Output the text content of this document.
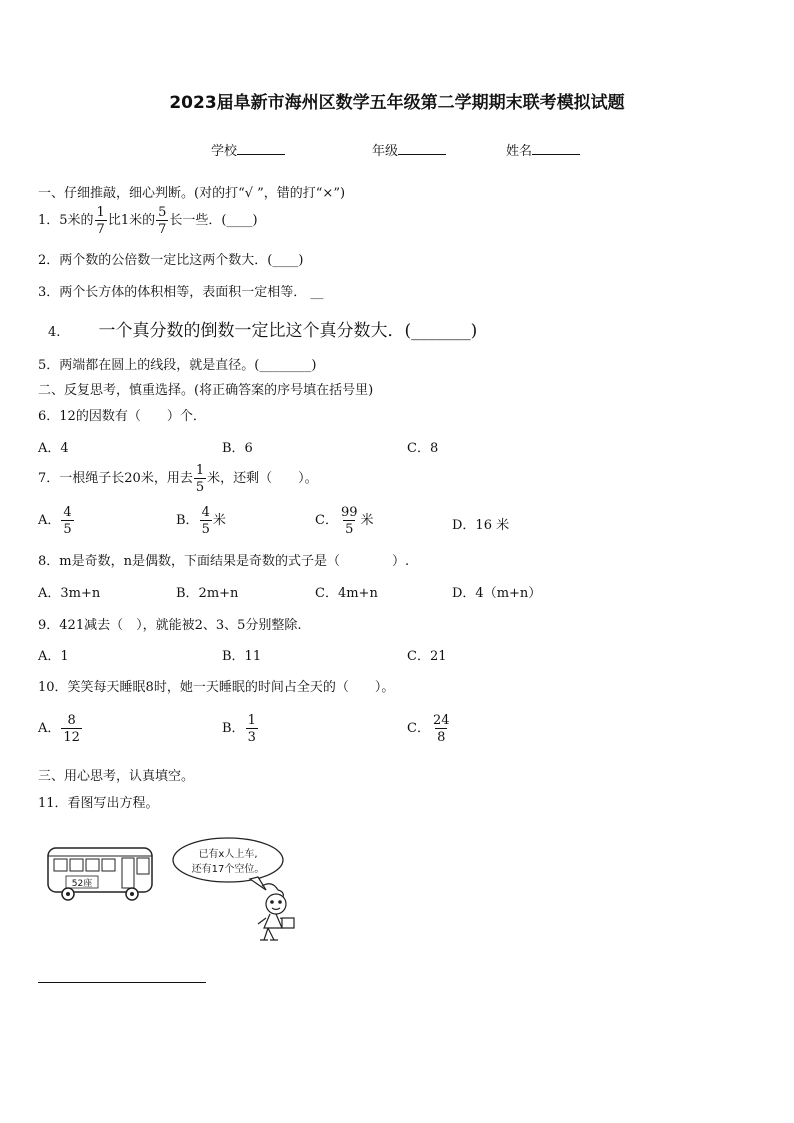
2023届阜新市海州区数学五年级第二学期期末联考模拟试题
学校	年级	姓名
一、仔细推敲，细心判断。(对的打“√ ”，错的打“×”)
1．5米的 $\frac{1}{7}$ 比1米的 $\frac{5}{7}$ 长一些．(____)
2．两个数的公倍数一定比这两个数大．(____)
3．两个长方体的体积相等，表面积一定相等． __
4. 一个真分数的倒数一定比这个真分数大．(_______)
5．两端都在圆上的线段，就是直径。(________)
二、反复思考，慎重选择。(将正确答案的序号填在括号里)
6．12的因数有（　　）个．
A．4	B．6	C．8
7．一根绳子长20米，用去 $\frac{1}{5}$ 米，还剩（　　）。
A． $\frac{4}{5}$	B． $\frac{4}{5}$ 米	C． $\frac{99}{5}$ 米	D．16 米
8．m是奇数，n是偶数，下面结果是奇数的式子是（　　　　）.
A．3m+n	B．2m+n	C．4m+n	D．4（m+n）
9．421减去（　），就能被2、3、5分别整除.
A．1	B．11	C．21
10．笑笑每天睡眠8时，她一天睡眠的时间占全天的（　　）。
A． $\frac{8}{12}$	B． $\frac{1}{3}$	C． $\frac{24}{8}$
三、用心思考，认真填空。
11．看图写出方程。
52座
已有x人上车,
还有17个空位。
